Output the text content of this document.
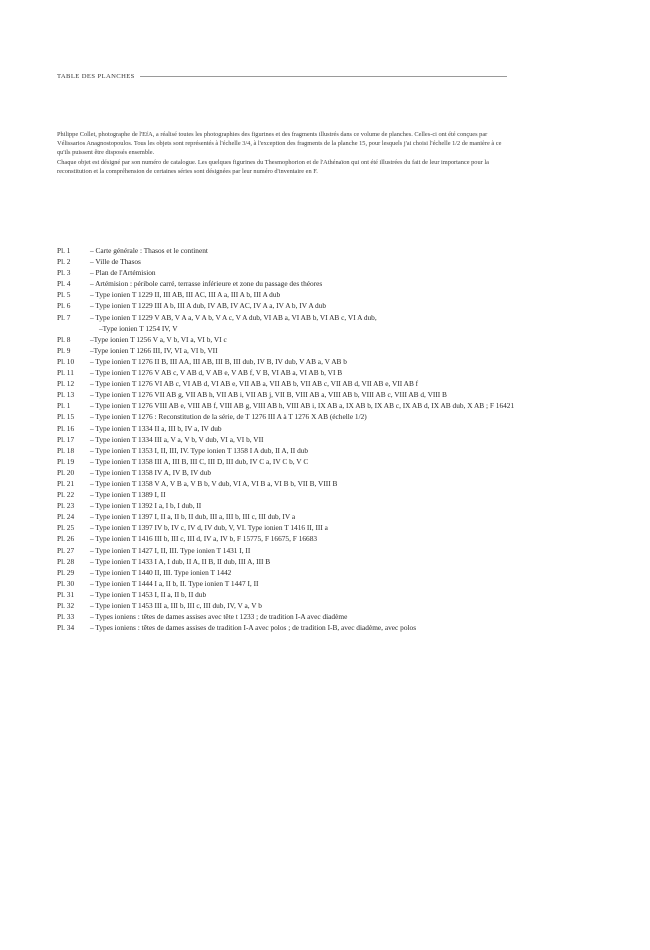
TABLE DES PLANCHES

Philippe Collet, photographe de l'EfA, a réalisé toutes les photographies des figurines et des fragments illustrés dans ce volume de planches. Celles-ci ont été conçues par Vélissarios Anagnostopoulos. Tous les objets sont représentés à l'échelle 3/4, à l'exception des fragments de la planche 15, pour lesquels j'ai choisi l'échelle 1/2 de manière à ce qu'ils puissent être disposés ensemble.

Chaque objet est désigné par son numéro de catalogue. Les quelques figurines du Thesmophorion et de l'Athénaïon qui ont été illustrées du fait de leur importance pour la reconstitution et la compréhension de certaines séries sont désignées par leur numéro d'inventaire en F.

Pl. 1	– Carte générale : Thasos et le continent
Pl. 2	– Ville de Thasos
Pl. 3	– Plan de l'Artémision
Pl. 4	– Artémision : péribole carré, terrasse inférieure et zone du passage des théores
Pl. 5	– Type ionien T 1229 II, III AB, III AC, III A a, III A b, III A dub
Pl. 6	– Type ionien T 1229 III A b, III A dub, IV AB, IV AC, IV A a, IV A b, IV A dub
Pl. 7	– Type ionien T 1229 V AB, V A a, V A b, V A c, V A dub, VI AB a, VI AB b, VI AB c, VI A dub,
–Type ionien T 1254 IV, V
Pl. 8	–Type ionien T 1256 V a, V b, VI a, VI b, VI c
Pl. 9	–Type ionien T 1266 III, IV, VI a, VI b, VII
Pl. 10	– Type ionien T 1276 II B, III AA, III AB, III B, III dub, IV B, IV dub, V AB a, V AB b
Pl. 11	– Type ionien T 1276 V AB c, V AB d, V AB e, V AB f, V B, VI AB a, VI AB b, VI B
Pl. 12	– Type ionien T 1276 VI AB c, VI AB d, VI AB e, VII AB a, VII AB b, VII AB c, VII AB d, VII AB e, VII AB f
Pl. 13	– Type ionien T 1276 VII AB g, VII AB h, VII AB i, VII AB j, VII B, VIII AB a, VIII AB b, VIII AB c, VIII AB d, VIII B
Pl. 1	– Type ionien T 1276 VIII AB e, VIII AB f, VIII AB g, VIII AB h, VIII AB i, IX AB a, IX AB b, IX AB c, IX AB d, IX AB dub, X AB ; F 16421
Pl. 15	– Type ionien T 1276 : Reconstitution de la série, de T 1276 III A à T 1276 X AB (échelle 1/2)
Pl. 16	– Type ionien T 1334 II a, III b, IV a, IV dub
Pl. 17	– Type ionien T 1334 III a, V a, V b, V dub, VI a, VI b, VII
Pl. 18	– Type ionien T 1353 I, II, III, IV. Type ionien T 1358 I A dub, II A, II dub
Pl. 19	– Type ionien T 1358 III A, III B, III C, III D, III dub, IV C a, IV C b, V C
Pl. 20	– Type ionien T 1358 IV A, IV B, IV dub
Pl. 21	– Type ionien T 1358 V A, V B a, V B b, V dub, VI A, VI B a, VI B b, VII B, VIII B
Pl. 22	– Type ionien T 1389 I, II
Pl. 23	– Type ionien T 1392 I a, I b, I dub, II
Pl. 24	– Type ionien T 1397 I, II a, II b, II dub, III a, III b, III c, III dub, IV a
Pl. 25	– Type ionien T 1397 IV b, IV c, IV d, IV dub, V, VI. Type ionien T 1416 II, III a
Pl. 26	– Type ionien T 1416 III b, III c, III d, IV a, IV b, F 15775, F 16675, F 16683
Pl. 27	– Type ionien T 1427 I, II, III. Type ionien T 1431 I, II
Pl. 28	– Type ionien T 1433 I A, I dub, II A, II B, II dub, III A, III B
Pl. 29	– Type ionien T 1440 II, III. Type ionien T 1442
Pl. 30	– Type ionien T 1444 I a, II b, II. Type ionien T 1447 I, II
Pl. 31	– Type ionien T 1453 I, II a, II b, II dub
Pl. 32	– Type ionien T 1453 III a, III b, III c, III dub, IV, V a, V b
Pl. 33	– Types ioniens : têtes de dames assises avec tête t 1233 ; de tradition I-A avec diadème
Pl. 34	– Types ioniens : têtes de dames assises de tradition I-A avec polos ; de tradition I-B, avec diadème, avec polos
